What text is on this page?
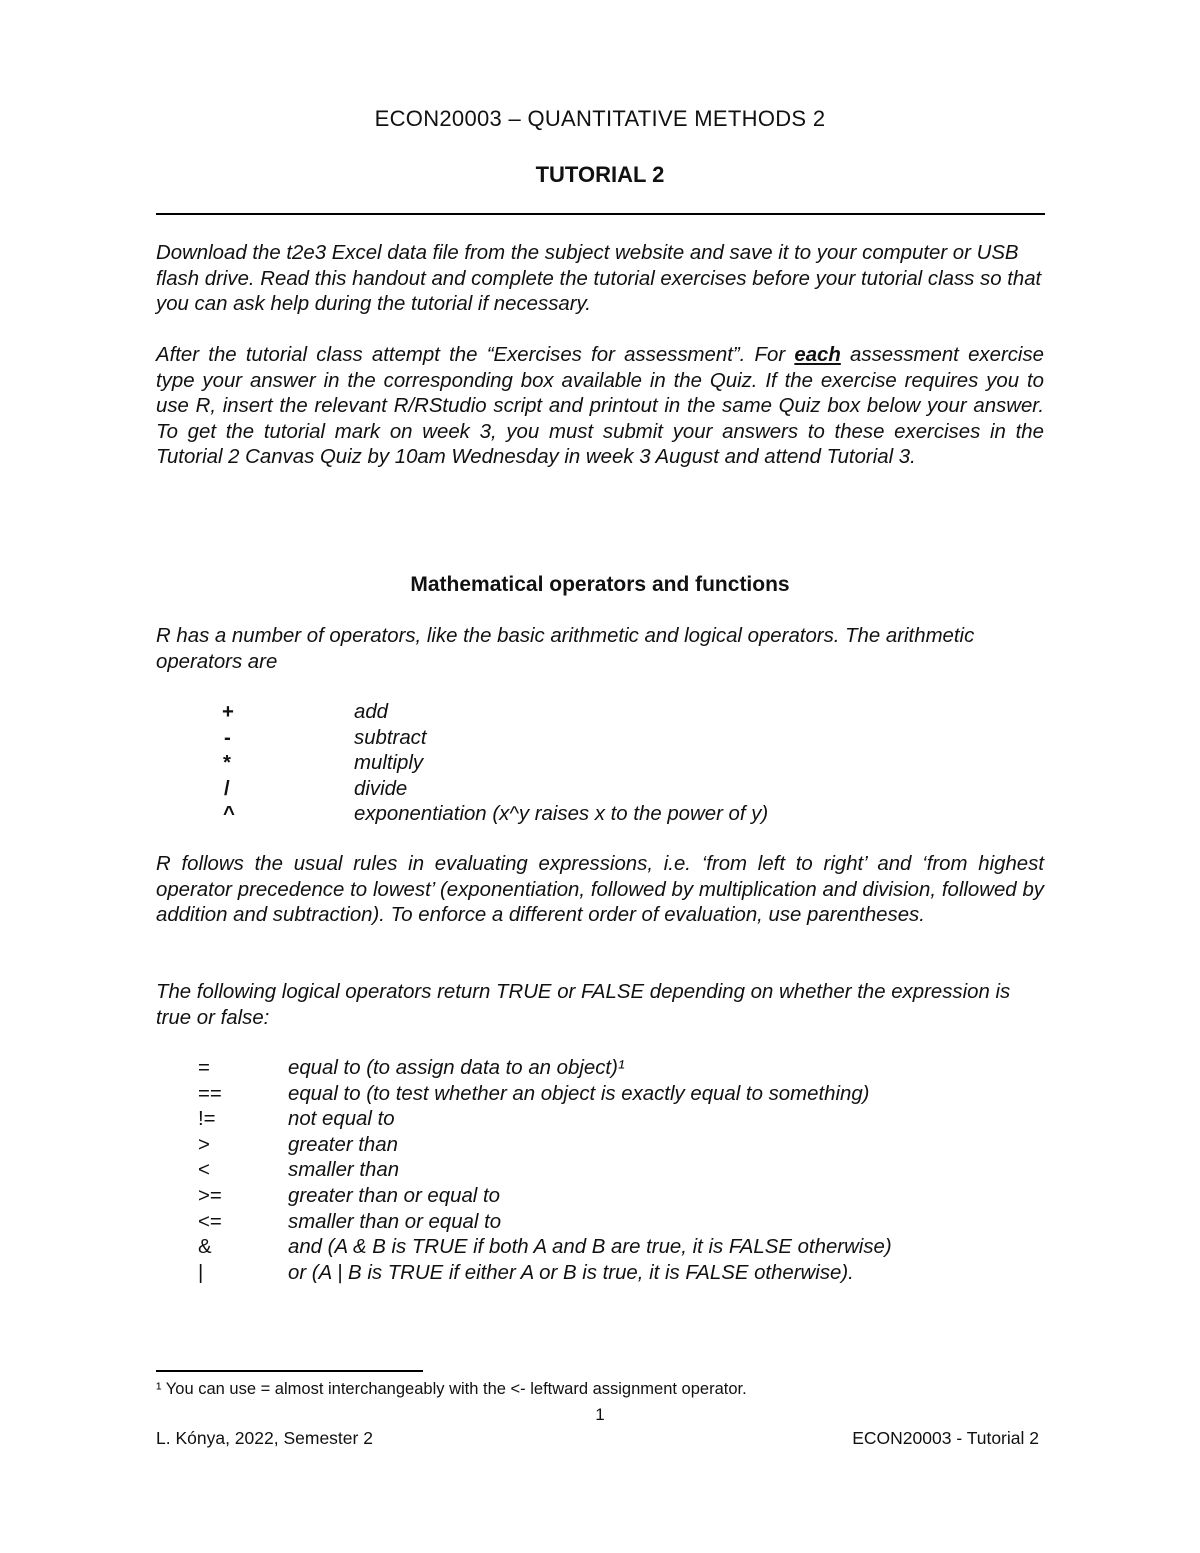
ECON20003 – QUANTITATIVE METHODS 2
TUTORIAL 2

Download the t2e3 Excel data file from the subject website and save it to your computer or USB flash drive. Read this handout and complete the tutorial exercises before your tutorial class so that you can ask help during the tutorial if necessary.

After the tutorial class attempt the “Exercises for assessment”. For each assessment exercise type your answer in the corresponding box available in the Quiz. If the exercise requires you to use R, insert the relevant R/RStudio script and printout in the same Quiz box below your answer. To get the tutorial mark on week 3, you must submit your answers to these exercises in the Tutorial 2 Canvas Quiz by 10am Wednesday in week 3 August and attend Tutorial 3.

Mathematical operators and functions

R has a number of operators, like the basic arithmetic and logical operators. The arithmetic operators are

+	add
-	subtract
*	multiply
/	divide
^	exponentiation (x^y raises x to the power of y)

R follows the usual rules in evaluating expressions, i.e. ‘from left to right’ and ‘from highest operator precedence to lowest’ (exponentiation, followed by multiplication and division, followed by addition and subtraction). To enforce a different order of evaluation, use parentheses.

The following logical operators return TRUE or FALSE depending on whether the expression is true or false:

=	equal to (to assign data to an object)¹
==	equal to (to test whether an object is exactly equal to something)
!=	not equal to
>	greater than
<	smaller than
>=	greater than or equal to
<=	smaller than or equal to
&	and (A & B is TRUE if both A and B are true, it is FALSE otherwise)
|	or (A | B is TRUE if either A or B is true, it is FALSE otherwise).
¹ You can use = almost interchangeably with the <- leftward assignment operator.
1
L. Kónya, 2022, Semester 2	ECON20003 - Tutorial 2
